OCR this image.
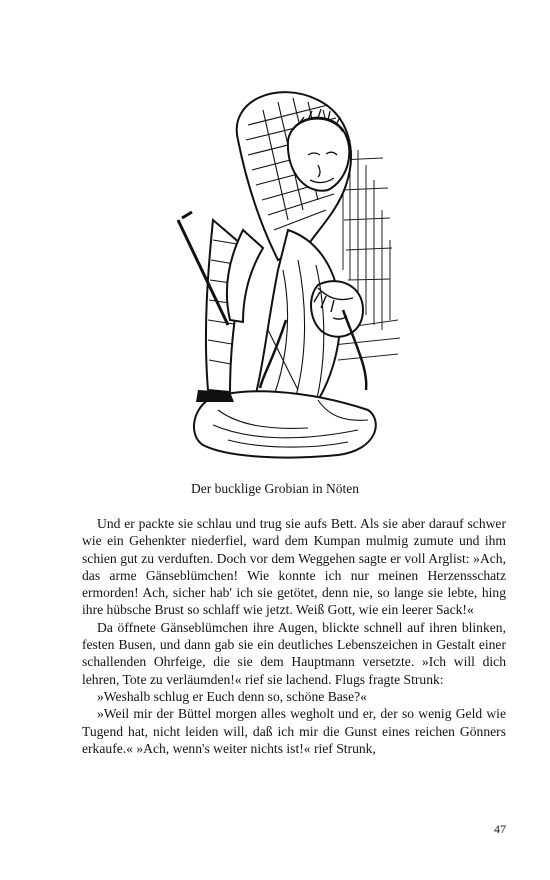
Der bucklige Grobian in Nöten

Und er packte sie schlau und trug sie aufs Bett. Als sie aber darauf schwer wie ein Gehenkter niederfiel, ward dem Kumpan mulmig zumute und ihm schien gut zu verduften. Doch vor dem Weggehen sagte er voll Arglist: »Ach, das arme Gänseblümchen! Wie konnte ich nur meinen Herzensschatz ermorden! Ach, sicher hab' ich sie getötet, denn nie, so lange sie lebte, hing ihre hübsche Brust so schlaff wie jetzt. Weiß Gott, wie ein leerer Sack!«

Da öffnete Gänseblümchen ihre Augen, blickte schnell auf ihren blinken, festen Busen, und dann gab sie ein deutliches Lebenszeichen in Gestalt einer schallenden Ohrfeige, die sie dem Hauptmann versetzte. »Ich will dich lehren, Tote zu verläumden!« rief sie lachend. Flugs fragte Strunk:

»Weshalb schlug er Euch denn so, schöne Base?«

»Weil mir der Büttel morgen alles wegholt und er, der so wenig Geld wie Tugend hat, nicht leiden will, daß ich mir die Gunst eines reichen Gönners erkaufe.« »Ach, wenn's weiter nichts ist!« rief Strunk,

47
